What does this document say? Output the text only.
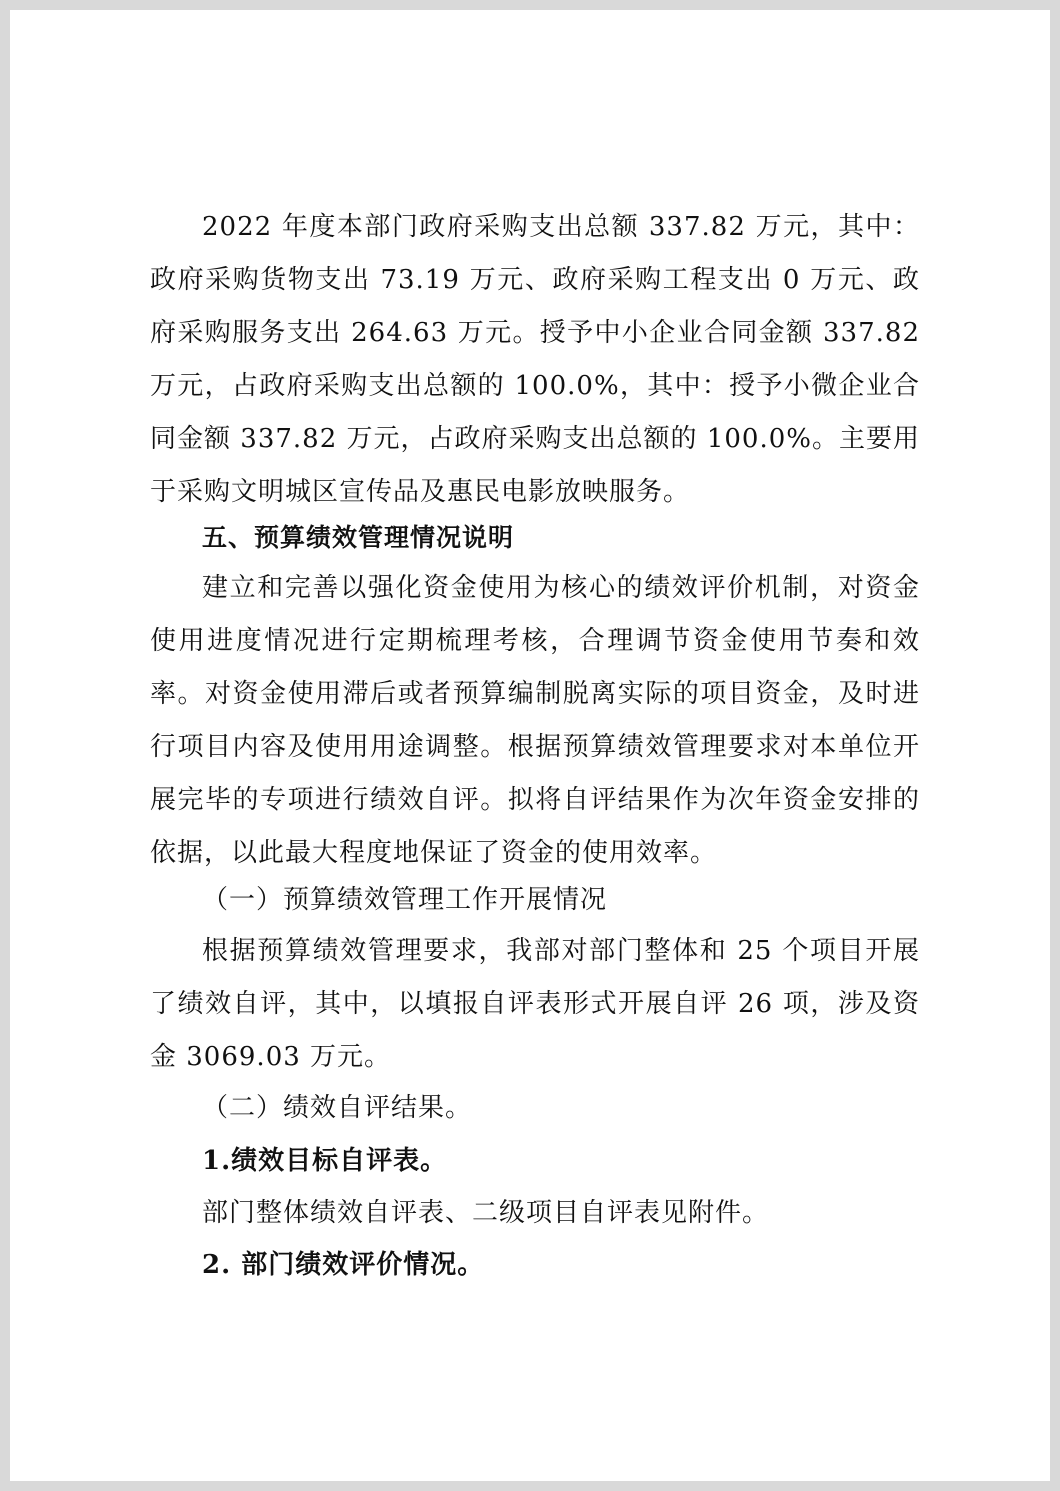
2022 年度本部门政府采购支出总额 337.82 万元，其中：政府采购货物支出 73.19 万元、政府采购工程支出 0 万元、政府采购服务支出 264.63 万元。授予中小企业合同金额 337.82 万元，占政府采购支出总额的 100.0%，其中：授予小微企业合同金额 337.82 万元，占政府采购支出总额的 100.0%。主要用于采购文明城区宣传品及惠民电影放映服务。

五、预算绩效管理情况说明

建立和完善以强化资金使用为核心的绩效评价机制，对资金使用进度情况进行定期梳理考核，合理调节资金使用节奏和效率。对资金使用滞后或者预算编制脱离实际的项目资金，及时进行项目内容及使用用途调整。根据预算绩效管理要求对本单位开展完毕的专项进行绩效自评。拟将自评结果作为次年资金安排的依据，以此最大程度地保证了资金的使用效率。

（一）预算绩效管理工作开展情况

根据预算绩效管理要求，我部对部门整体和 25 个项目开展了绩效自评，其中，以填报自评表形式开展自评 26 项，涉及资金 3069.03 万元。

（二）绩效自评结果。

1.绩效目标自评表。

部门整体绩效自评表、二级项目自评表见附件。

2. 部门绩效评价情况。
